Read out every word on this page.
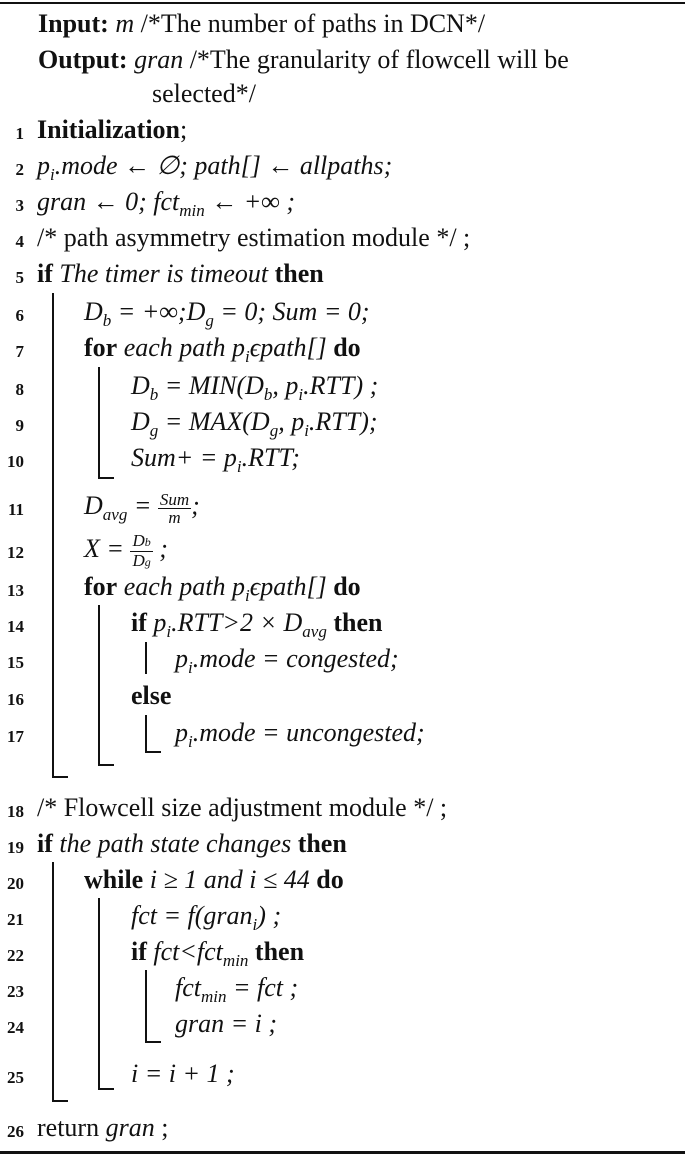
Input: m /*The number of paths in DCN*/
Output: gran /*The granularity of flowcell will be
selected*/
1 Initialization;
2 $p_i.mode$ ← ∅; path[] ← allpaths;
3 gran ← 0; fct$_{min}$ ← +∞ ;
4 /* path asymmetry estimation module */ ;
5 if The timer is timeout then
6 $D_b$ = $+\infty;D_g = 0$; Sum = 0;
7 for each path $p_i\epsilon path[]$ do
8	$D_b = MIN(D_b$, $p_i.RTT$) ;
9	$D_g = MAX(D_g$, $p_i.RTT$);
10	$Sum+ = p_i.RTT$;
11 $D_{avg} = \frac{\text{Sum}}{m}$ ;
12 $X = \frac{Db}{Dg}$ ;
13 for each path $p_i\epsilon path[]$ do
14	if $p_i.RTT>2 \times D_{avg}$ then
15	$p_i.mode$ = congested;
16	else
17	$p_i.mode$ = uncongested;
18 /* Flowcell size adjustment module */ ;
19 if the path state changes then
20 while i ≥ 1 and i ≤ 44 do
21	fct = f(gran$_i$) ;
22	if fct<fct$_{min}$ then
23	fct$_{min}$ = fct ;
24	gran = i ;
25	i = i + 1 ;
26 return gran ;
